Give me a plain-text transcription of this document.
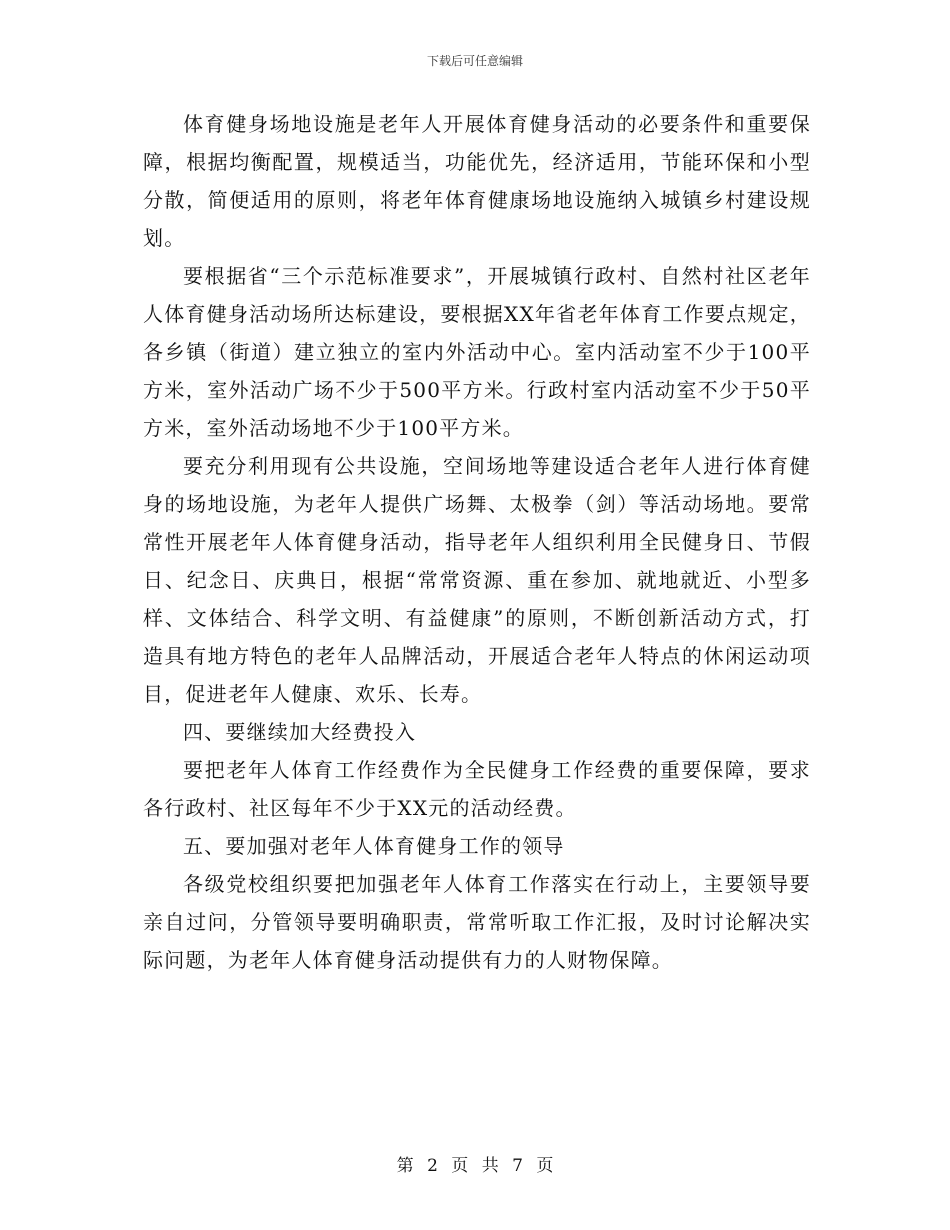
下载后可任意编辑

体育健身场地设施是老年人开展体育健身活动的必要条件和重要保障，根据均衡配置，规模适当，功能优先，经济适用，节能环保和小型分散，简便适用的原则，将老年体育健康场地设施纳入城镇乡村建设规划。

要根据省“三个示范标准要求”，开展城镇行政村、自然村社区老年人体育健身活动场所达标建设，要根据XX年省老年体育工作要点规定，各乡镇（街道）建立独立的室内外活动中心。室内活动室不少于100平方米，室外活动广场不少于500平方米。行政村室内活动室不少于50平方米，室外活动场地不少于100平方米。

要充分利用现有公共设施，空间场地等建设适合老年人进行体育健身的场地设施，为老年人提供广场舞、太极拳（剑）等活动场地。要常常性开展老年人体育健身活动，指导老年人组织利用全民健身日、节假日、纪念日、庆典日，根据“常常资源、重在参加、就地就近、小型多样、文体结合、科学文明、有益健康”的原则，不断创新活动方式，打造具有地方特色的老年人品牌活动，开展适合老年人特点的休闲运动项目，促进老年人健康、欢乐、长寿。

四、要继续加大经费投入

要把老年人体育工作经费作为全民健身工作经费的重要保障，要求各行政村、社区每年不少于XX元的活动经费。

五、要加强对老年人体育健身工作的领导

各级党校组织要把加强老年人体育工作落实在行动上，主要领导要亲自过问，分管领导要明确职责，常常听取工作汇报，及时讨论解决实际问题，为老年人体育健身活动提供有力的人财物保障。

第 2 页 共 7 页
